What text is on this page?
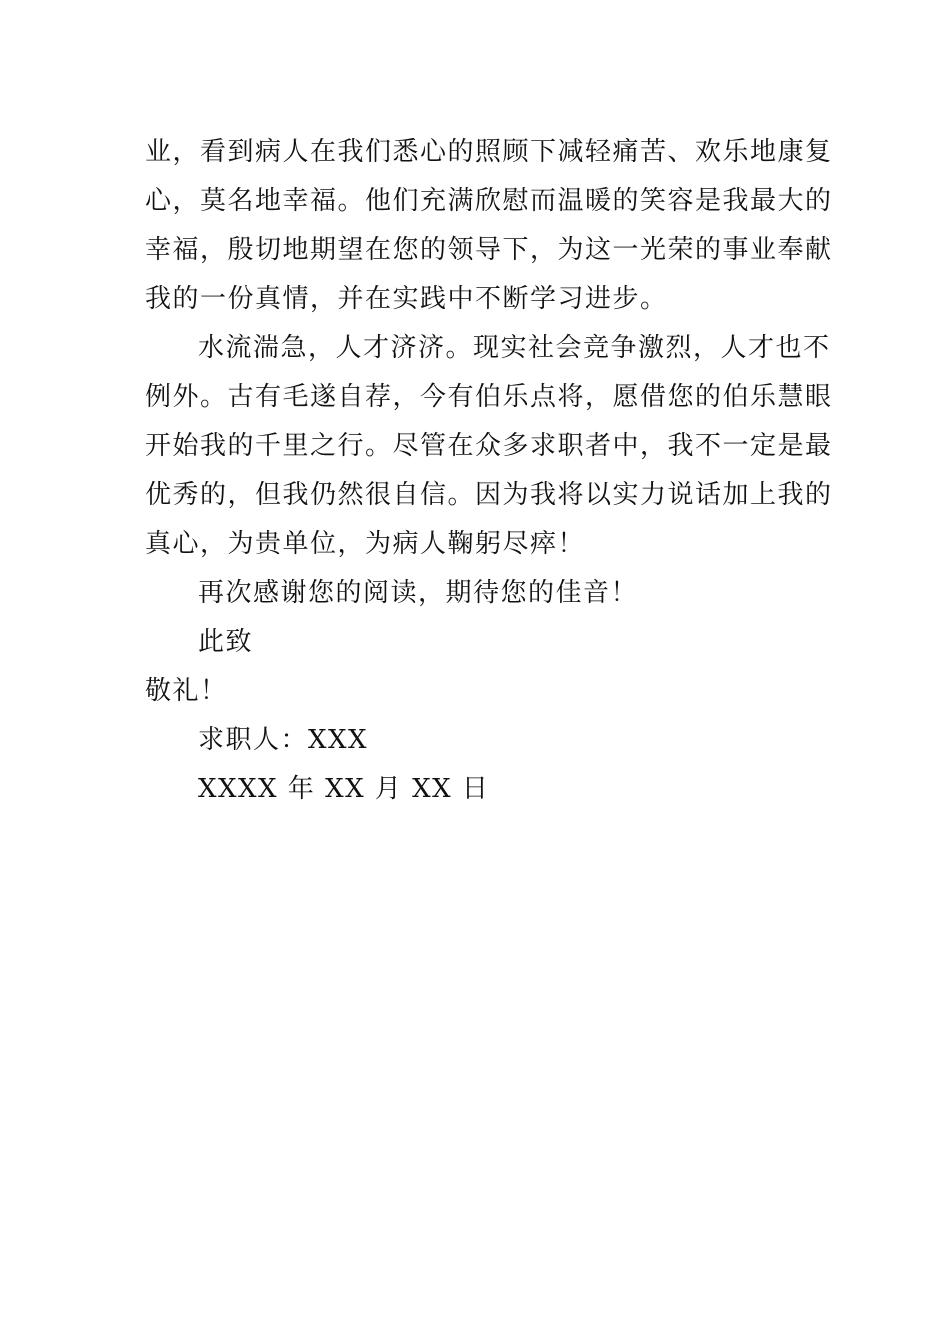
业，看到病人在我们悉心的照顾下减轻痛苦、欢乐地康复
心，莫名地幸福。他们充满欣慰而温暖的笑容是我最大的
幸福，殷切地期望在您的领导下，为这一光荣的事业奉献
我的一份真情，并在实践中不断学习进步。
水流湍急，人才济济。现实社会竞争激烈，人才也不
例外。古有毛遂自荐，今有伯乐点将，愿借您的伯乐慧眼
开始我的千里之行。尽管在众多求职者中，我不一定是最
优秀的，但我仍然很自信。因为我将以实力说话加上我的
真心，为贵单位，为病人鞠躬尽瘁！
再次感谢您的阅读，期待您的佳音！
此致
敬礼！
求职人：XXX
XXXX 年 XX 月 XX 日
